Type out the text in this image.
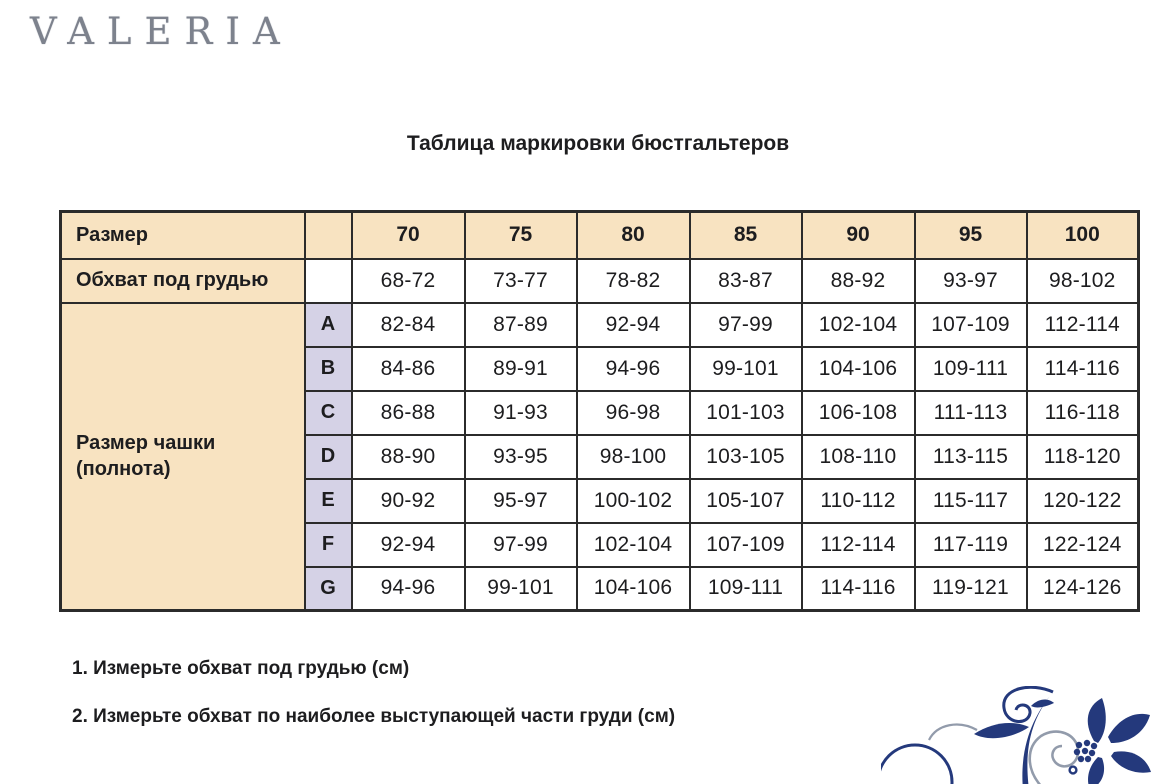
VALERIA
Таблица маркировки бюстгальтеров
Размер		70	75	80	85	90	95	100
Обхват под грудью		68-72	73-77	78-82	83-87	88-92	93-97	98-102

Размер чашки (полнота)	A	82-84	87-89	92-94	97-99	102-104	107-109	112-114
	B	84-86	89-91	94-96	99-101	104-106	109-111	114-116
	C	86-88	91-93	96-98	101-103	106-108	111-113	116-118
	D	88-90	93-95	98-100	103-105	108-110	113-115	118-120
	E	90-92	95-97	100-102	105-107	110-112	115-117	120-122
	F	92-94	97-99	102-104	107-109	112-114	117-119	122-124
	G	94-96	99-101	104-106	109-111	114-116	119-121	124-126

1. Измерьте обхват под грудью (см)

2. Измерьте обхват по наиболее выступающей части груди (см)
